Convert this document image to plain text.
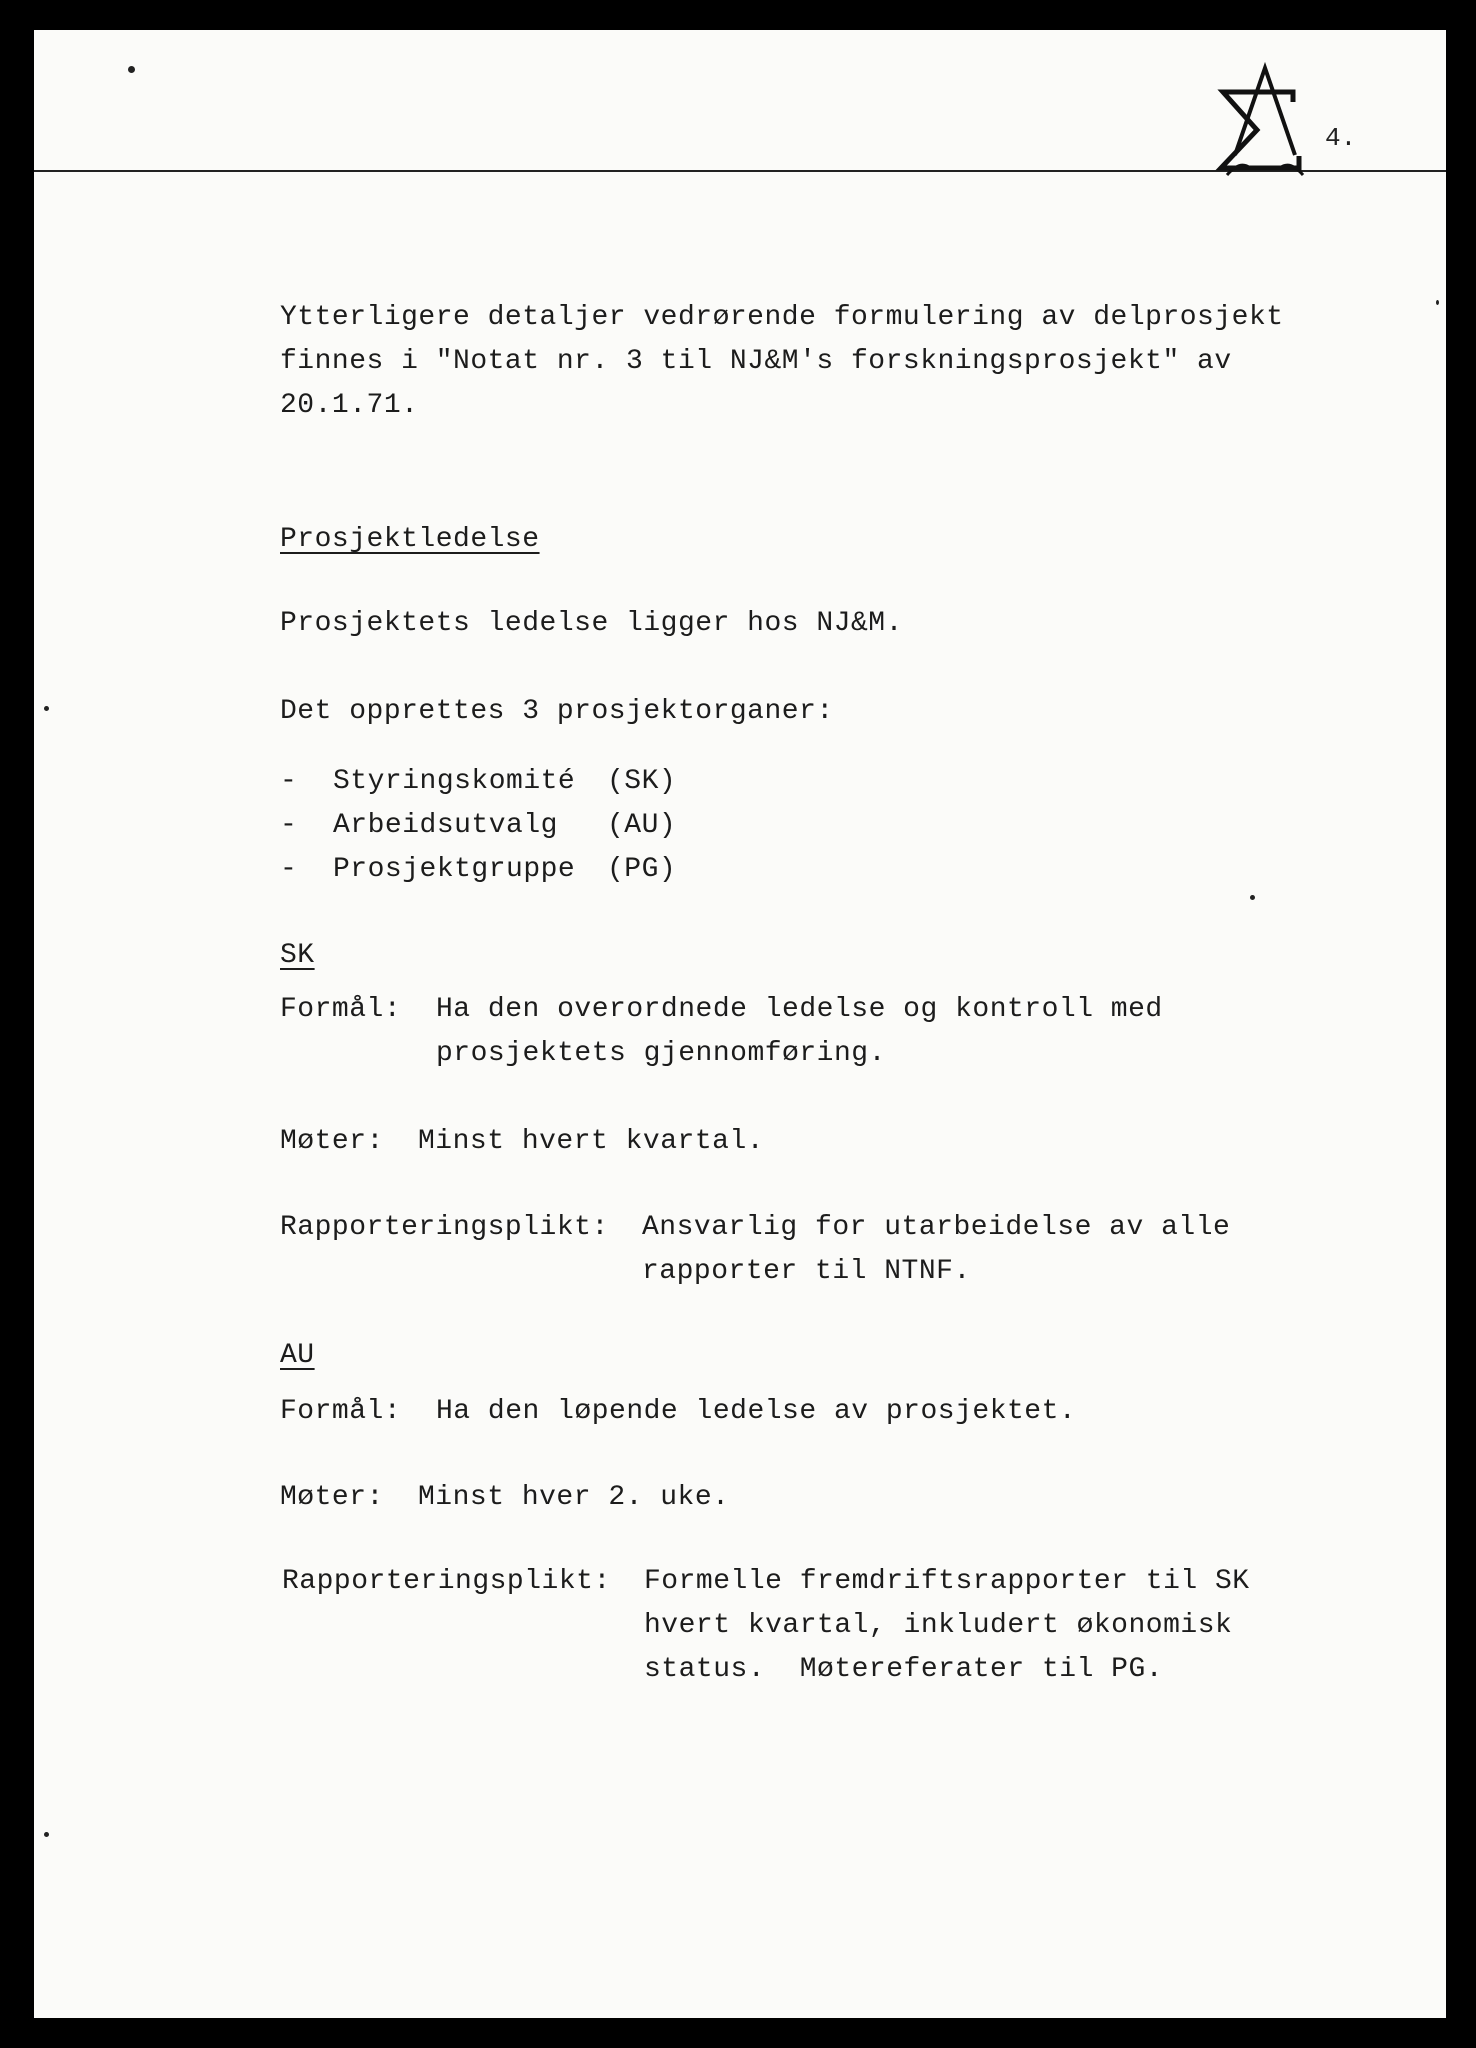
4.
Ytterligere detaljer vedrørende formulering av delprosjekt
finnes i "Notat nr. 3 til NJ&M's forskningsprosjekt" av
20.1.71.
Prosjektledelse
Prosjektets ledelse ligger hos NJ&M.
Det opprettes 3 prosjektorganer:
- Styringskomité (SK)
- Arbeidsutvalg (AU)
- Prosjektgruppe (PG)
SK
Formål: Ha den overordnede ledelse og kontroll med
prosjektets gjennomføring.
Møter: Minst hvert kvartal.
Rapporteringsplikt: Ansvarlig for utarbeidelse av alle
rapporter til NTNF.
AU
Formål: Ha den løpende ledelse av prosjektet.
Møter: Minst hver 2. uke.
Rapporteringsplikt: Formelle fremdriftsrapporter til SK
hvert kvartal, inkludert økonomisk
status.  Møtereferater til PG.
